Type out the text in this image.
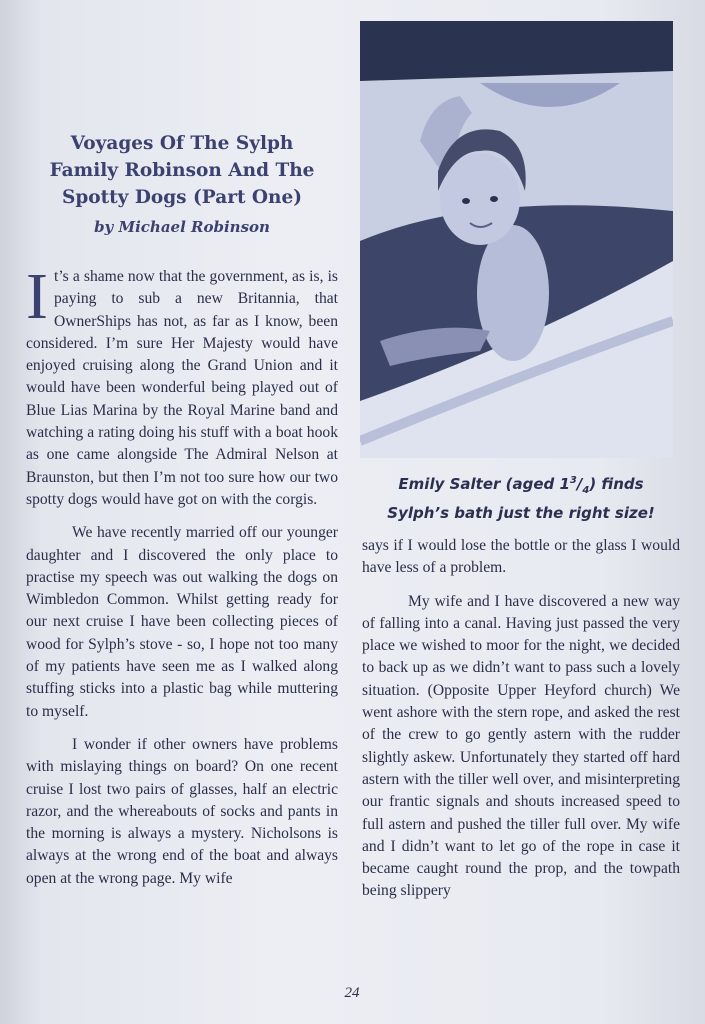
Voyages Of The Sylph
Family Robinson And The
Spotty Dogs (Part One)

by Michael Robinson

It’s a shame now that the government, as is, is paying to sub a new Britannia, that OwnerShips has not, as far as I know, been considered. I’m sure Her Majesty would have enjoyed cruising along the Grand Union and it would have been wonderful being played out of Blue Lias Marina by the Royal Marine band and watching a rating doing his stuff with a boat hook as one came alongside The Admiral Nelson at Braunston, but then I’m not too sure how our two spotty dogs would have got on with the corgis.

We have recently married off our younger daughter and I discovered the only place to practise my speech was out walking the dogs on Wimbledon Common. Whilst getting ready for our next cruise I have been collecting pieces of wood for Sylph’s stove - so, I hope not too many of my patients have seen me as I walked along stuffing sticks into a plastic bag while muttering to myself.

I wonder if other owners have problems with mislaying things on board? On one recent cruise I lost two pairs of glasses, half an electric razor, and the whereabouts of socks and pants in the morning is always a mystery. Nicholsons is always at the wrong end of the boat and always open at the wrong page. My wife

Emily Salter (aged $1^3/_4$) finds
Sylph’s bath just the right size!

says if I would lose the bottle or the glass I would have less of a problem.

My wife and I have discovered a new way of falling into a canal. Having just passed the very place we wished to moor for the night, we decided to back up as we didn’t want to pass such a lovely situation. (Opposite Upper Heyford church) We went ashore with the stern rope, and asked the rest of the crew to go gently astern with the rudder slightly askew. Unfortunately they started off hard astern with the tiller well over, and misinterpreting our frantic signals and shouts increased speed to full astern and pushed the tiller full over. My wife and I didn’t want to let go of the rope in case it became caught round the prop, and the towpath being slippery

24
